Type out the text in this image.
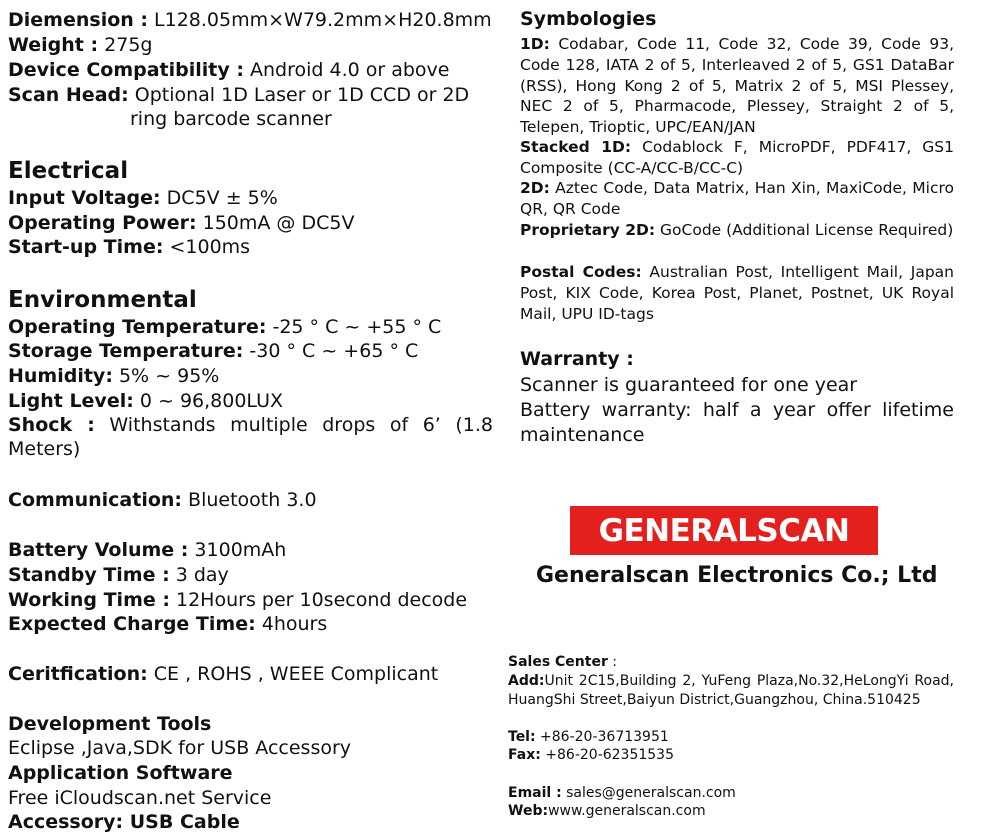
Diemension : L128.05mm×W79.2mm×H20.8mm
Weight : 275g
Device Compatibility : Android 4.0 or above
Scan Head: Optional 1D Laser or 1D CCD or 2D
ring barcode scanner
Electrical
Input Voltage: DC5V ± 5%
Operating Power: 150mA @ DC5V
Start-up Time: <100ms
Environmental
Operating Temperature: -25 ° C ~ +55 ° C
Storage Temperature: -30 ° C ~ +65 ° C
Humidity: 5% ~ 95%
Light Level: 0 ~ 96,800LUX
Shock : Withstands multiple drops of 6’ (1.8 Meters)
Communication: Bluetooth 3.0
Battery Volume : 3100mAh
Standby Time : 3 day
Working Time : 12Hours per 10second decode
Expected Charge Time: 4hours
Ceritfication: CE , ROHS , WEEE Complicant
Development Tools
Eclipse ,Java,SDK for USB Accessory
Application Software
Free iCloudscan.net Service
Accessory: USB Cable
Symbologies
1D: Codabar, Code 11, Code 32, Code 39, Code 93, Code 128, IATA 2 of 5, Interleaved 2 of 5, GS1 DataBar (RSS), Hong Kong 2 of 5, Matrix 2 of 5, MSI Plessey, NEC 2 of 5, Pharmacode, Plessey, Straight 2 of 5, Telepen, Trioptic, UPC/EAN/JAN
Stacked 1D: Codablock F, MicroPDF, PDF417, GS1 Composite (CC-A/CC-B/CC-C)
2D: Aztec Code, Data Matrix, Han Xin, MaxiCode, Micro QR, QR Code
Proprietary 2D: GoCode (Additional License Required)
Postal Codes: Australian Post, Intelligent Mail, Japan Post, KIX Code, Korea Post, Planet, Postnet, UK Royal Mail, UPU ID-tags
Warranty :
Scanner is guaranteed for one year
Battery warranty: half a year offer lifetime maintenance
GENERALSCAN
Generalscan Electronics Co.; Ltd
Sales Center :
Add:Unit 2C15,Building 2, YuFeng Plaza,No.32,HeLongYi Road, HuangShi Street,Baiyun District,Guangzhou, China.510425
Tel: +86-20-36713951
Fax: +86-20-62351535
Email : sales@generalscan.com
Web:www.generalscan.com
